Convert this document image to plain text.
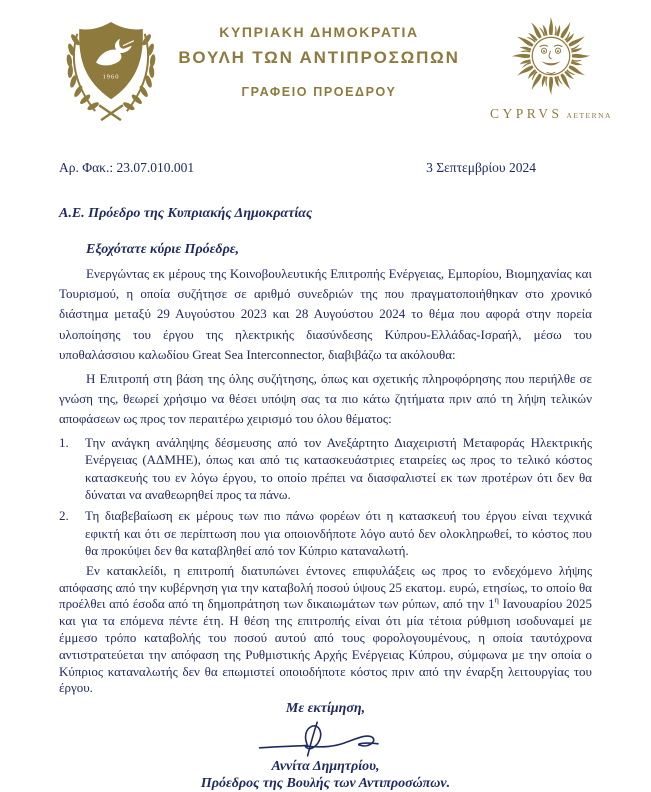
1960
ΚΥΠΡΙΑΚΗ ΔΗΜΟΚΡΑΤΙΑ
ΒΟΥΛΗ ΤΩΝ ΑΝΤΙΠΡΟΣΩΠΩΝ
ΓΡΑΦΕΙΟ ΠΡΟΕΔΡΟΥ
CYPRVS AETERNA
Αρ. Φακ.: 23.07.010.001	3 Σεπτεμβρίου 2024
Α.Ε. Πρόεδρο της Κυπριακής Δημοκρατίας

Εξοχότατε κύριε Πρόεδρε,

Ενεργώντας εκ μέρους της Κοινοβουλευτικής Επιτροπής Ενέργειας, Εμπορίου, Βιομηχανίας και Τουρισμού, η οποία συζήτησε σε αριθμό συνεδριών της που πραγματοποιήθηκαν στο χρονικό διάστημα μεταξύ 29 Αυγούστου 2023 και 28 Αυγούστου 2024 το θέμα που αφορά στην πορεία υλοποίησης του έργου της ηλεκτρικής διασύνδεσης Κύπρου-Ελλάδας-Ισραήλ, μέσω του υποθαλάσσιου καλωδίου Great Sea Interconnector, διαβιβάζω τα ακόλουθα:

Η Επιτροπή στη βάση της όλης συζήτησης, όπως και σχετικής πληροφόρησης που περιήλθε σε γνώση της, θεωρεί χρήσιμο να θέσει υπόψη σας τα πιο κάτω ζητήματα πριν από τη λήψη τελικών αποφάσεων ως προς τον περαιτέρω χειρισμό του όλου θέματος:

1.	Την ανάγκη ανάληψης δέσμευσης από τον Ανεξάρτητο Διαχειριστή Μεταφοράς Ηλεκτρικής Ενέργειας (ΑΔΜΗΕ), όπως και από τις κατασκευάστριες εταιρείες ως προς το τελικό κόστος κατασκευής του εν λόγω έργου, το οποίο πρέπει να διασφαλιστεί εκ των προτέρων ότι δεν θα δύναται να αναθεωρηθεί προς τα πάνω.
2.	Τη διαβεβαίωση εκ μέρους των πιο πάνω φορέων ότι η κατασκευή του έργου είναι τεχνικά εφικτή και ότι σε περίπτωση που για οποιονδήποτε λόγο αυτό δεν ολοκληρωθεί, το κόστος που θα προκύψει δεν θα καταβληθεί από τον Κύπριο καταναλωτή.

Εν κατακλείδι, η επιτροπή διατυπώνει έντονες επιφυλάξεις ως προς το ενδεχόμενο λήψης απόφασης από την κυβέρνηση για την καταβολή ποσού ύψους 25 εκατομ. ευρώ, ετησίως, το οποίο θα προέλθει από έσοδα από τη δημοπράτηση των δικαιωμάτων των ρύπων, από την $1^\eta$ Ιανουαρίου 2025 και για τα επόμενα πέντε έτη. Η θέση της επιτροπής είναι ότι μία τέτοια ρύθμιση ισοδυναμεί με έμμεσο τρόπο καταβολής του ποσού αυτού από τους φορολογουμένους, η οποία ταυτόχρονα αντιστρατεύεται την απόφαση της Ρυθμιστικής Αρχής Ενέργειας Κύπρου, σύμφωνα με την οποία ο Κύπριος καταναλωτής δεν θα επωμιστεί οποιοδήποτε κόστος πριν από την έναρξη λειτουργίας του έργου.

Με εκτίμηση,
Αννίτα Δημητρίου,
Πρόεδρος της Βουλής των Αντιπροσώπων.
